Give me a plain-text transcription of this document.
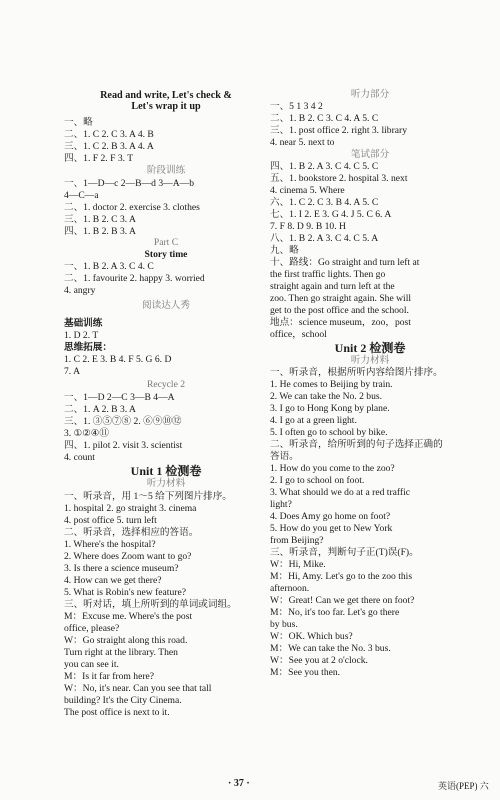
Read and write, Let's check &
Let's wrap it up
一、略
二、1. C 2. C 3. A 4. B
三、1. C 2. B 3. A 4. A
四、1. F 2. F 3. T
阶段训练
一、1—D—c 2—B—d 3—A—b
4—C—a
二、1. doctor 2. exercise 3. clothes
三、1. B 2. C 3. A
四、1. B 2. B 3. A
Part C
Story time
一、1. B 2. A 3. C 4. C
二、1. favourite 2. happy 3. worried
4. angry
阅读达人秀
基础训练
1. D 2. T
思维拓展：
1. C 2. E 3. B 4. F 5. G 6. D
7. A
Recycle 2
一、1—D 2—C 3—B 4—A
二、1. A 2. B 3. A
三、1. ③⑤⑦⑧ 2. ⑥⑨⑩⑫
3. ①②④⑪
四、1. pilot 2. visit 3. scientist
4. count
Unit 1 检测卷
听力材料
一、听录音，用 1～5 给下列图片排序。
1. hospital 2. go straight 3. cinema
4. post office 5. turn left
二、听录音，选择相应的答语。
1. Where's the hospital?
2. Where does Zoom want to go?
3. Is there a science museum?
4. How can we get there?
5. What is Robin's new feature?
三、听对话，填上所听到的单词或词组。
M：Excuse me. Where's the post
office, please?
W：Go straight along this road.
Turn right at the library. Then
you can see it.
M：Is it far from here?
W：No, it's near. Can you see that tall
building? It's the City Cinema.
The post office is next to it.
听力部分
一、5 1 3 4 2
二、1. B 2. C 3. C 4. A 5. C
三、1. post office 2. right 3. library
4. near 5. next to
笔试部分
四、1. B 2. A 3. C 4. C 5. C
五、1. bookstore 2. hospital 3. next
4. cinema 5. Where
六、1. C 2. C 3. B 4. A 5. C
七、1. I 2. E 3. G 4. J 5. C 6. A
7. F 8. D 9. B 10. H
八、1. B 2. A 3. C 4. C 5. A
九、略
十、路线：Go straight and turn left at
the first traffic lights. Then go
straight again and turn left at the
zoo. Then go straight again. She will
get to the post office and the school.
地点：science museum，zoo，post
office，school
Unit 2 检测卷
听力材料
一、听录音，根据所听内容给图片排序。
1. He comes to Beijing by train.
2. We can take the No. 2 bus.
3. I go to Hong Kong by plane.
4. I go at a green light.
5. I often go to school by bike.
二、听录音，给所听到的句子选择正确的
答语。
1. How do you come to the zoo?
2. I go to school on foot.
3. What should we do at a red traffic
light?
4. Does Amy go home on foot?
5. How do you get to New York
from Beijing?
三、听录音，判断句子正(T)误(F)。
W：Hi, Mike.
M：Hi, Amy. Let's go to the zoo this
afternoon.
W：Great! Can we get there on foot?
M：No, it's too far. Let's go there
by bus.
W：OK. Which bus?
M：We can take the No. 3 bus.
W：See you at 2 o'clock.
M：See you then.
· 37 ·	英语(PEP) 六
